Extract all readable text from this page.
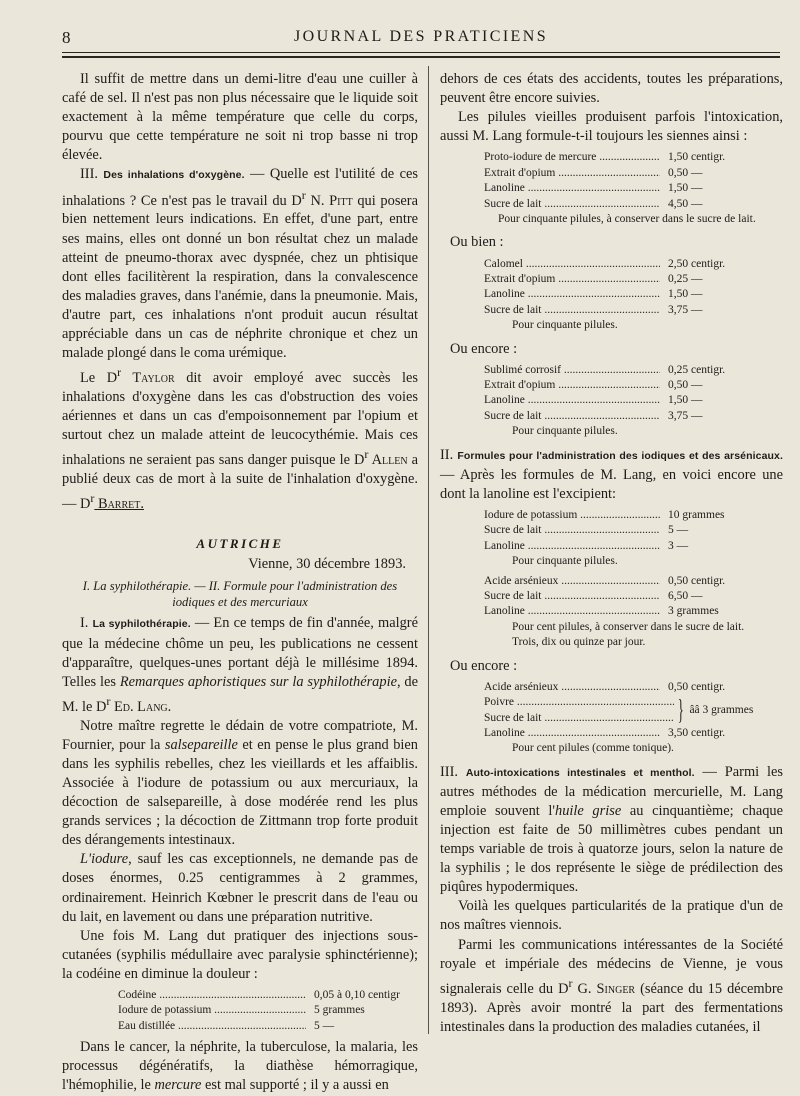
8	JOURNAL DES PRATICIENS

Il suffit de mettre dans un demi-litre d'eau une cuiller à café de sel. Il n'est pas non plus nécessaire que le liquide soit exactement à la même température que celle du corps, pourvu que cette température ne soit ni trop basse ni trop élevée.

III. Des inhalations d'oxygène. — Quelle est l'utilité de ces inhalations ? Ce n'est pas le travail du $D^r$ N. Pitt qui posera bien nettement leurs indications. En effet, d'une part, entre ses mains, elles ont donné un bon résultat chez un malade atteint de pneumo-thorax avec dyspnée, chez un phtisique dont elles facilitèrent la respiration, dans la convalescence des maladies graves, dans l'anémie, dans la pneumonie. Mais, d'autre part, ces inhalations n'ont produit aucun résultat appréciable dans un cas de néphrite chronique et chez un malade plongé dans le coma urémique.

Le $D^r$ Taylor dit avoir employé avec succès les inhalations d'oxygène dans les cas d'obstruction des voies aériennes et dans un cas d'empoisonnement par l'opium et surtout chez un malade atteint de leucocythémie. Mais ces inhalations ne seraient pas sans danger puisque le $D^r$ Allen a publié deux cas de mort à la suite de l'inhalation d'oxygène. — $D^r$ Barret.

AUTRICHE
Vienne, 30 décembre 1893.
I. La syphilothérapie. — II. Formule pour l'administration des iodiques et des mercuriaux

I. La syphilothérapie. — En ce temps de fin d'année, malgré que la médecine chôme un peu, les publications ne cessent d'apparaître, quelques-unes portant déjà le millésime 1894. Telles les Remarques aphoristiques sur la syphilothérapie, de M. le $D^r$ Ed. Lang.

Notre maître regrette le dédain de votre compatriote, M. Fournier, pour la salsepareille et en pense le plus grand bien dans les syphilis rebelles, chez les vieillards et les affaiblis. Associée à l'iodure de potassium ou aux mercuriaux, la décoction de salsepareille, à dose modérée rend les plus grands services ; la décoction de Zittmann trop forte produit des dérangements intestinaux.

L'iodure, sauf les cas exceptionnels, ne demande pas de doses énormes, 0.25 centigrammes à 2 grammes, ordinairement. Heinrich Kœbner le prescrit dans de l'eau ou du lait, en lavement ou dans une préparation nutritive.

Une fois M. Lang dut pratiquer des injections sous-cutanées (syphilis médullaire avec paralysie sphinctérienne); la codéine en diminue la douleur :

Codéine .....	0,05 à 0,10 centigr
Iodure de potassium .....	5 grammes
Eau distillée .....	5 —

Dans le cancer, la néphrite, la tuberculose, la malaria, les processus dégénératifs, la diathèse hémorragique, l'hémophilie, le mercure est mal supporté ; il y a aussi en

dehors de ces états des accidents, toutes les préparations, peuvent être encore suivies.

Les pilules vieilles produisent parfois l'intoxication, aussi M. Lang formule-t-il toujours les siennes ainsi :

Proto-iodure de mercure .....	1,50 centigr.
Extrait d'opium .....	0,50 —
Lanoline .....	1,50 —
Sucre de lait .....	4,50 —
Pour cinquante pilules, à conserver dans le sucre de lait.
Ou bien :
Calomel .....	2,50 centigr.
Extrait d'opium .....	0,25 —
Lanoline .....	1,50 —
Sucre de lait .....	3,75 —
Pour cinquante pilules.
Ou encore :
Sublimé corrosif .....	0,25 centigr.
Extrait d'opium .....	0,50 —
Lanoline .....	1,50 —
Sucre de lait .....	3,75 —
Pour cinquante pilules.

II. Formules pour l'administration des iodiques et des arsénicaux. — Après les formules de M. Lang, en voici encore une dont la lanoline est l'excipient:

Iodure de potassium .....	10 grammes
Sucre de lait .....	5 —
Lanoline .....	3 —
Pour cinquante pilules.
Acide arsénieux .....	0,50 centigr.
Sucre de lait .....	6,50 —
Lanoline .....	3 grammes
Pour cent pilules, à conserver dans le sucre de lait.
Trois, dix ou quinze par jour.
Ou encore :
Acide arsénieux .....	0,50 centigr.
Poivre .....
Sucre de lait .....	} ââ 3 grammes
Lanoline .....	3,50 centigr.
Pour cent pilules (comme tonique).

III. Auto-intoxications intestinales et menthol. — Parmi les autres méthodes de la médication mercurielle, M. Lang emploie souvent l'huile grise au cinquantième; chaque injection est faite de 50 millimètres cubes pendant un temps variable de trois à quatorze jours, selon la nature de la syphilis ; le dos représente le siège de prédilection des piqûres hypodermiques.

Voilà les quelques particularités de la pratique d'un de nos maîtres viennois.

Parmi les communications intéressantes de la Société royale et impériale des médecins de Vienne, je vous signalerais celle du $D^r$ G. Singer (séance du 15 décembre 1893). Après avoir montré la part des fermentations intestinales dans la production des maladies cutanées, il
